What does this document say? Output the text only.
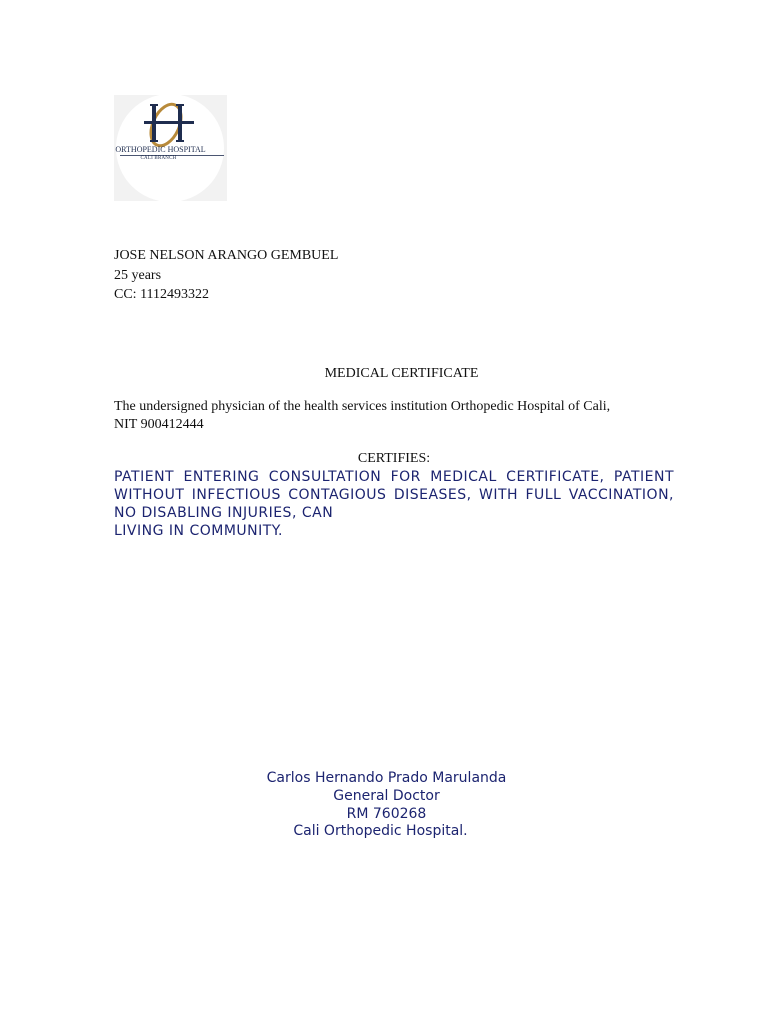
ORTHOPEDIC HOSPITAL
CALI BRANCH
JOSE NELSON ARANGO GEMBUEL
25 years
CC: 1112493322
MEDICAL CERTIFICATE
The undersigned physician of the health services institution Orthopedic Hospital of Cali, NIT 900412444
CERTIFIES:
PATIENT ENTERING CONSULTATION FOR MEDICAL CERTIFICATE, PATIENT WITHOUT INFECTIOUS CONTAGIOUS DISEASES, WITH FULL VACCINATION, NO DISABLING INJURIES, CAN
LIVING IN COMMUNITY.
Carlos Hernando Prado Marulanda
General Doctor
RM 760268
Cali Orthopedic Hospital.
